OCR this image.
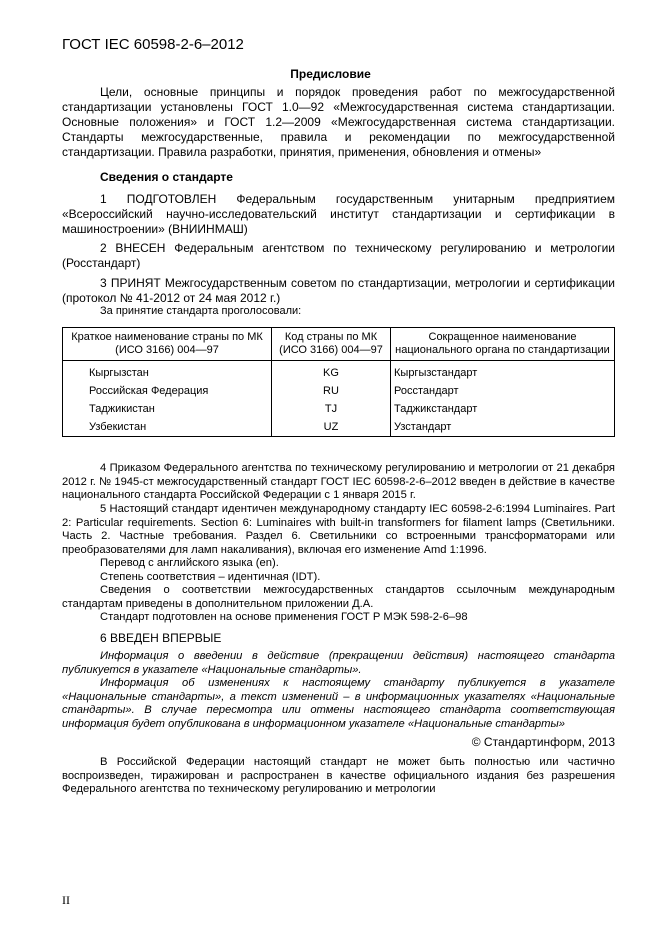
ГОСТ IEC 60598-2-6–2012
Предисловие
Цели, основные принципы и порядок проведения работ по межгосударственной стандартизации установлены ГОСТ 1.0—92 «Межгосударственная система стандартизации. Основные положения» и ГОСТ 1.2—2009 «Межгосударственная система стандартизации. Стандарты межгосударственные, правила и рекомендации по межгосударственной стандартизации. Правила разработки, принятия, применения, обновления и отмены»
Сведения о стандарте
1 ПОДГОТОВЛЕН Федеральным государственным унитарным предприятием «Всероссийский научно-исследовательский институт стандартизации и сертификации в машиностроении» (ВНИИНМАШ)
2 ВНЕСЕН Федеральным агентством по техническому регулированию и метрологии (Росстандарт)
3 ПРИНЯТ Межгосударственным советом по стандартизации, метрологии и сертификации (протокол № 41-2012 от 24 мая 2012 г.)
За принятие стандарта проголосовали:
Краткое наименование страны по МК (ИСО 3166) 004—97	Код страны по МК (ИСО 3166) 004—97	Сокращенное наименование национального органа по стандартизации
Кыргызстан	KG	Кыргызстандарт
Российская Федерация	RU	Росстандарт
Таджикистан	TJ	Таджикстандарт
Узбекистан	UZ	Узстандарт
4 Приказом Федерального агентства по техническому регулированию и метрологии от 21 декабря 2012 г. № 1945-ст межгосударственный стандарт ГОСТ IEC 60598-2-6–2012 введен в действие в качестве национального стандарта Российской Федерации с 1 января 2015 г.
5 Настоящий стандарт идентичен международному стандарту IEC 60598-2-6:1994 Luminaires. Part 2: Particular requirements. Section 6: Luminaires with built-in transformers for filament lamps (Светильники. Часть 2. Частные требования. Раздел 6. Светильники со встроенными трансформаторами или преобразователями для ламп накаливания), включая его изменение Amd 1:1996.
Перевод с английского языка (en).
Степень соответствия – идентичная (IDT).
Сведения о соответствии межгосударственных стандартов ссылочным международным стандартам приведены в дополнительном приложении Д.А.
Стандарт подготовлен на основе применения ГОСТ Р МЭК 598-2-6–98
6 ВВЕДЕН ВПЕРВЫЕ
Информация о введении в действие (прекращении действия) настоящего стандарта публикуется в указателе «Национальные стандарты».
Информация об изменениях к настоящему стандарту публикуется в указателе «Национальные стандарты», а текст изменений – в информационных указателях «Национальные стандарты». В случае пересмотра или отмены настоящего стандарта соответствующая информация будет опубликована в информационном указателе «Национальные стандарты»
© Стандартинформ, 2013
В Российской Федерации настоящий стандарт не может быть полностью или частично воспроизведен, тиражирован и распространен в качестве официального издания без разрешения Федерального агентства по техническому регулированию и метрологии
II
